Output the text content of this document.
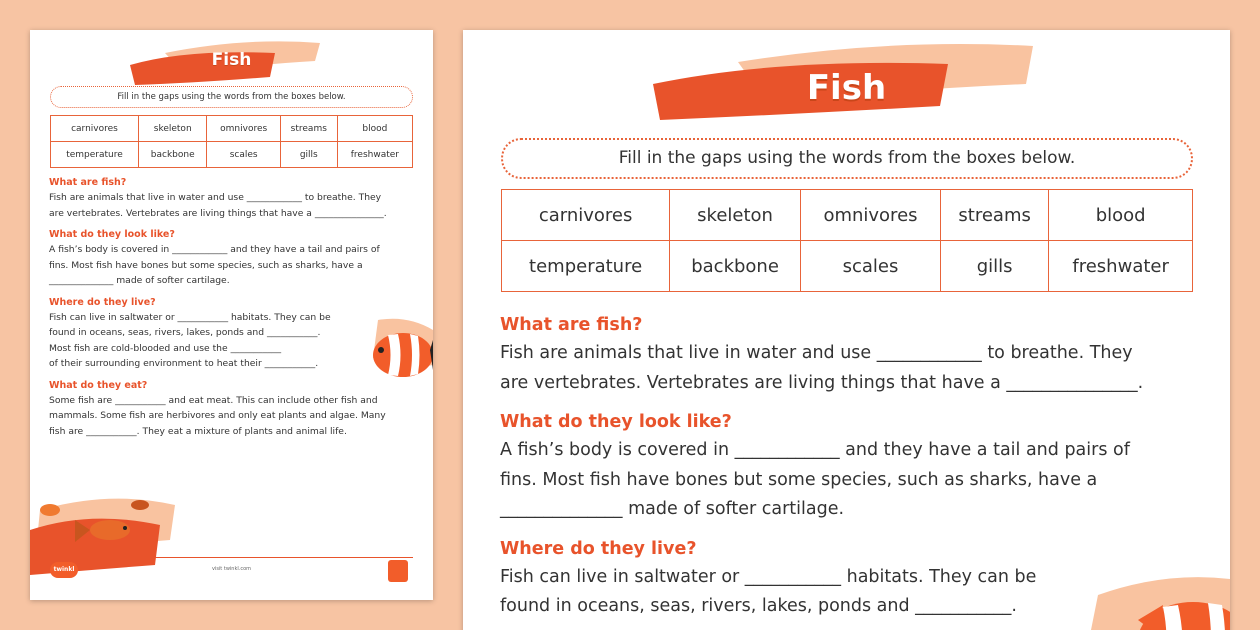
Fish
Fill in the gaps using the words from the boxes below.
carnivores	skeleton	omnivores	streams	blood
temperature	backbone	scales	gills	freshwater
What are fish?
Fish are animals that live in water and use ____________ to breathe. They
are vertebrates. Vertebrates are living things that have a _______________.
What do they look like?
A fish’s body is covered in ____________ and they have a tail and pairs of
fins. Most fish have bones but some species, such as sharks, have a
______________ made of softer cartilage.
Where do they live?
Fish can live in saltwater or ___________ habitats. They can be
found in oceans, seas, rivers, lakes, ponds and ___________.
Most fish are cold-blooded and use the ___________
of their surrounding environment to heat their ___________.
What do they eat?
Some fish are ___________ and eat meat. This can include other fish and
mammals. Some fish are herbivores and only eat plants and algae. Many
fish are ___________. They eat a mixture of plants and animal life.
twinkl	visit twinkl.com
Fish
Fill in the gaps using the words from the boxes below.
carnivores	skeleton	omnivores	streams	blood
temperature	backbone	scales	gills	freshwater
What are fish?
Fish are animals that live in water and use ____________ to breathe. They
are vertebrates. Vertebrates are living things that have a _______________.
What do they look like?
A fish’s body is covered in ____________ and they have a tail and pairs of
fins. Most fish have bones but some species, such as sharks, have a
______________ made of softer cartilage.
Where do they live?
Fish can live in saltwater or ___________ habitats. They can be
found in oceans, seas, rivers, lakes, ponds and ___________.
